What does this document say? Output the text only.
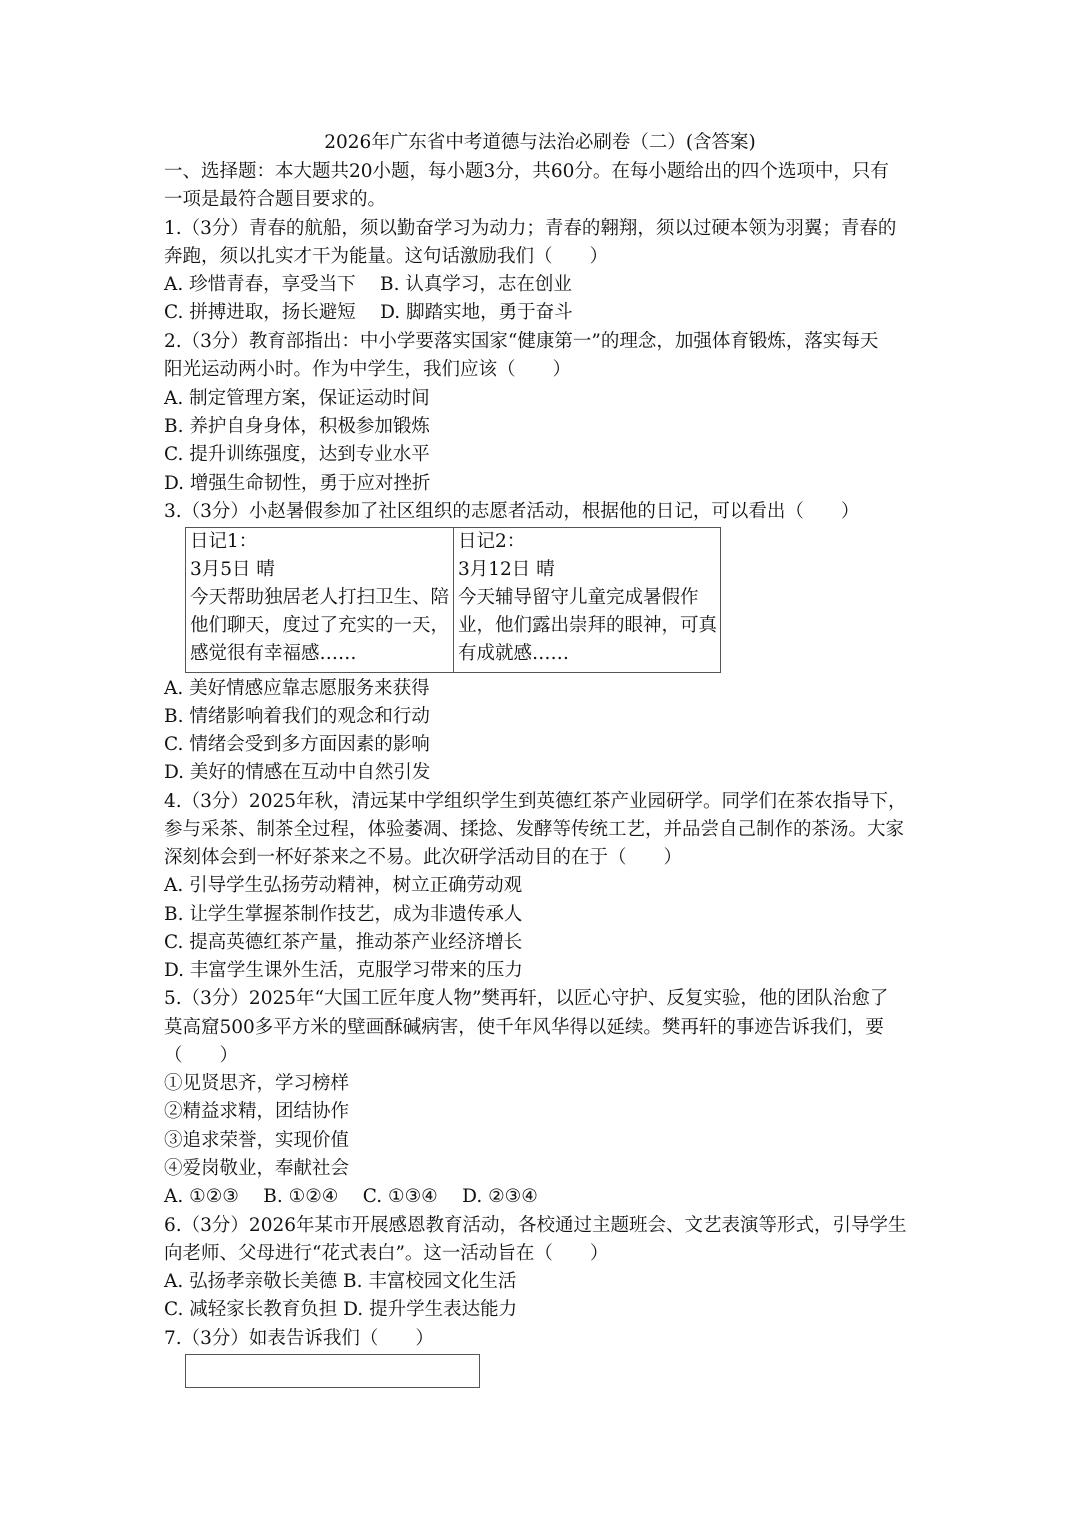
2026年广东省中考道德与法治必刷卷（二）(含答案)
一、选择题：本大题共20小题，每小题3分，共60分。在每小题给出的四个选项中，只有
一项是最符合题目要求的。
1.（3分）青春的航船，须以勤奋学习为动力；青春的翱翔，须以过硬本领为羽翼；青春的
奔跑，须以扎实才干为能量。这句话激励我们（　　）
A. 珍惜青春，享受当下　 B. 认真学习，志在创业
C. 拼搏进取，扬长避短　 D. 脚踏实地，勇于奋斗
2.（3分）教育部指出：中小学要落实国家“健康第一”的理念，加强体育锻炼，落实每天
阳光运动两小时。作为中学生，我们应该（　　）
A. 制定管理方案，保证运动时间
B. 养护自身身体，积极参加锻炼
C. 提升训练强度，达到专业水平
D. 增强生命韧性，勇于应对挫折
3.（3分）小赵暑假参加了社区组织的志愿者活动，根据他的日记，可以看出（　　）
日记1：
3月5日 晴
今天帮助独居老人打扫卫生、陪
他们聊天，度过了充实的一天，
感觉很有幸福感……
日记2：
3月12日 晴
今天辅导留守儿童完成暑假作
业，他们露出崇拜的眼神，可真
有成就感……
A. 美好情感应靠志愿服务来获得
B. 情绪影响着我们的观念和行动
C. 情绪会受到多方面因素的影响
D. 美好的情感在互动中自然引发
4.（3分）2025年秋，清远某中学组织学生到英德红茶产业园研学。同学们在茶农指导下，
参与采茶、制茶全过程，体验萎凋、揉捻、发酵等传统工艺，并品尝自己制作的茶汤。大家
深刻体会到一杯好茶来之不易。此次研学活动目的在于（　　）
A. 引导学生弘扬劳动精神，树立正确劳动观
B. 让学生掌握茶制作技艺，成为非遗传承人
C. 提高英德红茶产量，推动茶产业经济增长
D. 丰富学生课外生活，克服学习带来的压力
5.（3分）2025年“大国工匠年度人物”樊再轩，以匠心守护、反复实验，他的团队治愈了
莫高窟500多平方米的壁画酥碱病害，使千年风华得以延续。樊再轩的事迹告诉我们，要
（　　）
①见贤思齐，学习榜样
②精益求精，团结协作
③追求荣誉，实现价值
④爱岗敬业，奉献社会
A. ①②③　 B. ①②④　 C. ①③④　 D. ②③④
6.（3分）2026年某市开展感恩教育活动，各校通过主题班会、文艺表演等形式，引导学生
向老师、父母进行“花式表白”。这一活动旨在（　　）
A. 弘扬孝亲敬长美德 B. 丰富校园文化生活
C. 减轻家长教育负担 D. 提升学生表达能力
7.（3分）如表告诉我们（　　）
